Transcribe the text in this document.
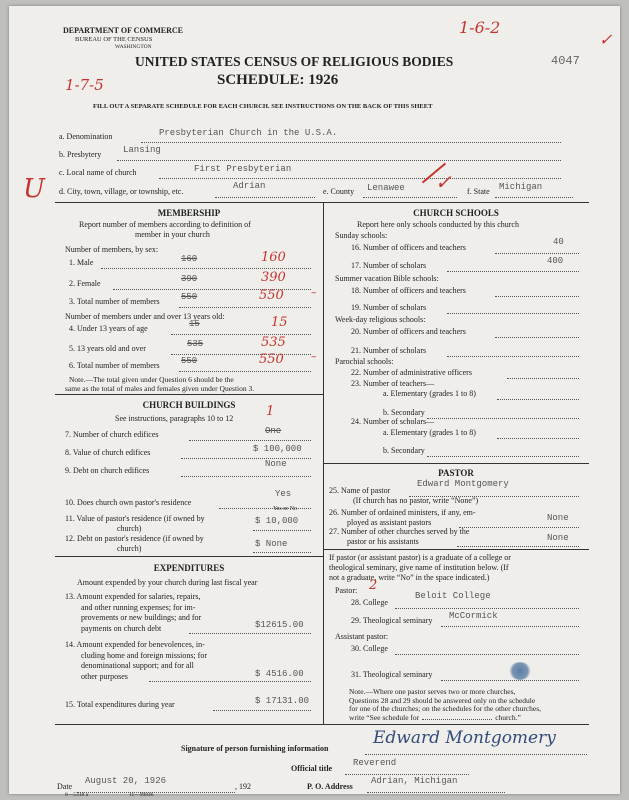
DEPARTMENT OF COMMERCE
BUREAU OF THE CENSUS
WASHINGTON
UNITED STATES CENSUS OF RELIGIOUS BODIES
SCHEDULE: 1926
FILL OUT A SEPARATE SCHEDULE FOR EACH CHURCH. SEE INSTRUCTIONS ON THE BACK OF THIS SHEET
4047
1-6-2
1-7-5
U
✓
a. Denomination	Presbyterian Church in the U.S.A.
b. Presbytery Lansing
c. Local name of church	First Presbyterian
d. City, town, village, or township, etc.
Adrian
e. County Lenawee ✓ f. State Michigan
MEMBERSHIP
Report number of members according to definition of
member in your church
Number of members, by sex:
1. Male	160	160
2. Female	390	390
3. Total number of members 550	550
Number of members under and over 13 years old:
4. Under 13 years of age	15	15
5. 13 years old and over	535	535
6. Total number of members 550	550
Note.—The total given under Question 6 should be the
same as the total of males and females given under Question 3.
CHURCH BUILDINGS
See instructions, paragraphs 10 to 12	1
7. Number of church edifices	One
8. Value of church edifices	$ 100,000
9. Debt on church edifices
None
10. Does church own pastor's residence
Yes
Yes or No
11. Value of pastor's residence (if owned by
church)
$ 10,000
12. Debt on pastor's residence (if owned by
church)	$ None
EXPENDITURES
Amount expended by your church during last fiscal year
13. Amount expended for salaries, repairs,
and other running expenses; for im-
provements or new buildings; and for
payments on church debt	$12615.00
14. Amount expended for benevolences, in-
cluding home and foreign missions; for
denominational support; and for all
other purposes	$ 4516.00
15. Total expenditures during year	$ 17131.00
CHURCH SCHOOLS
Report here only schools conducted by this church
Sunday schools:
16. Number of officers and teachers
40
17. Number of scholars	400
Summer vacation Bible schools:
18. Number of officers and teachers
19. Number of scholars
Week-day religious schools:
20. Number of officers and teachers
21. Number of scholars
Parochial schools:
22. Number of administrative officers
23. Number of teachers—
a. Elementary (grades 1 to 8)
b. Secondary
24. Number of scholars—
a. Elementary (grades 1 to 8)
b. Secondary
PASTOR
25. Name of pastor
Edward Montgomery
(If church has no pastor, write “None”)
26. Number of ordained ministers, if any, em-
ployed as assistant pastors	None
27. Number of other churches served by the
pastor or his assistants	None
If pastor (or assistant pastor) is a graduate of a college or
theological seminary, give name of institution below. (If
not a graduate, write “No” in the space indicated.)
Pastor: 2
28. College
Beloit College
29. Theological seminary McCormick
Assistant pastor:
30. College
31. Theological seminary
Note.—Where one pastor serves two or more churches,
Questions 28 and 29 should be answered only on the schedule
for one of the churches; on the schedules for the other churches,
write “See schedule for	church.”
Signature of person furnishing information
Edward Montgomery
Official title
Reverend
Date
August 20, 1926
, 192	P. O. Address
Adrian, Michigan
8—5318 a	11—90846
–
–
